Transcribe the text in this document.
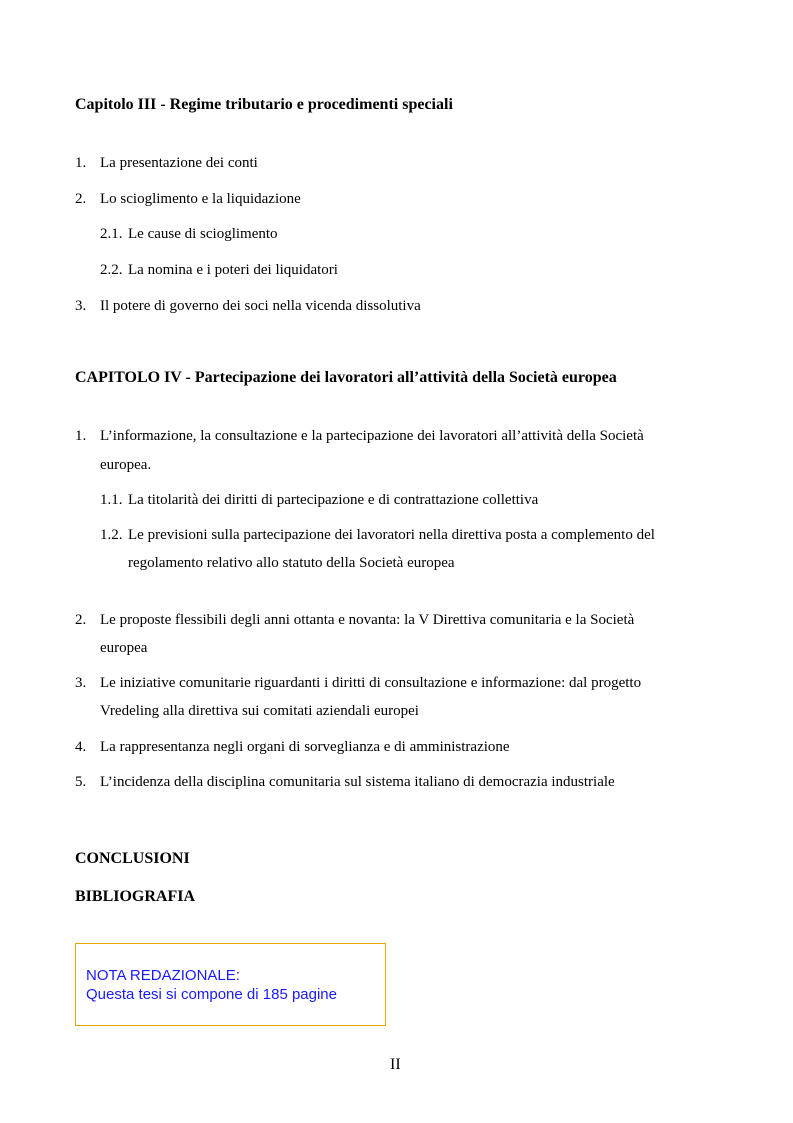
Capitolo III - Regime tributario e procedimenti speciali
1. La presentazione dei conti
2. Lo scioglimento e la liquidazione
2.1. Le cause di scioglimento
2.2. La nomina e i poteri dei liquidatori
3. Il potere di governo dei soci nella vicenda dissolutiva
CAPITOLO IV - Partecipazione dei lavoratori all’attività della Società europea
1. L’informazione, la consultazione e la partecipazione dei lavoratori all’attività della Società
europea.
1.1. La titolarità dei diritti di partecipazione e di contrattazione collettiva
1.2. Le previsioni sulla partecipazione dei lavoratori nella direttiva posta a complemento del
regolamento relativo allo statuto della Società europea
2. Le proposte flessibili degli anni ottanta e novanta: la V Direttiva comunitaria e la Società
europea
3. Le iniziative comunitarie riguardanti i diritti di consultazione e informazione: dal progetto
Vredeling alla direttiva sui comitati aziendali europei
4. La rappresentanza negli organi di sorveglianza e di amministrazione
5. L’incidenza della disciplina comunitaria sul sistema italiano di democrazia industriale
CONCLUSIONI
BIBLIOGRAFIA
NOTA REDAZIONALE:
Questa tesi si compone di 185 pagine
II
